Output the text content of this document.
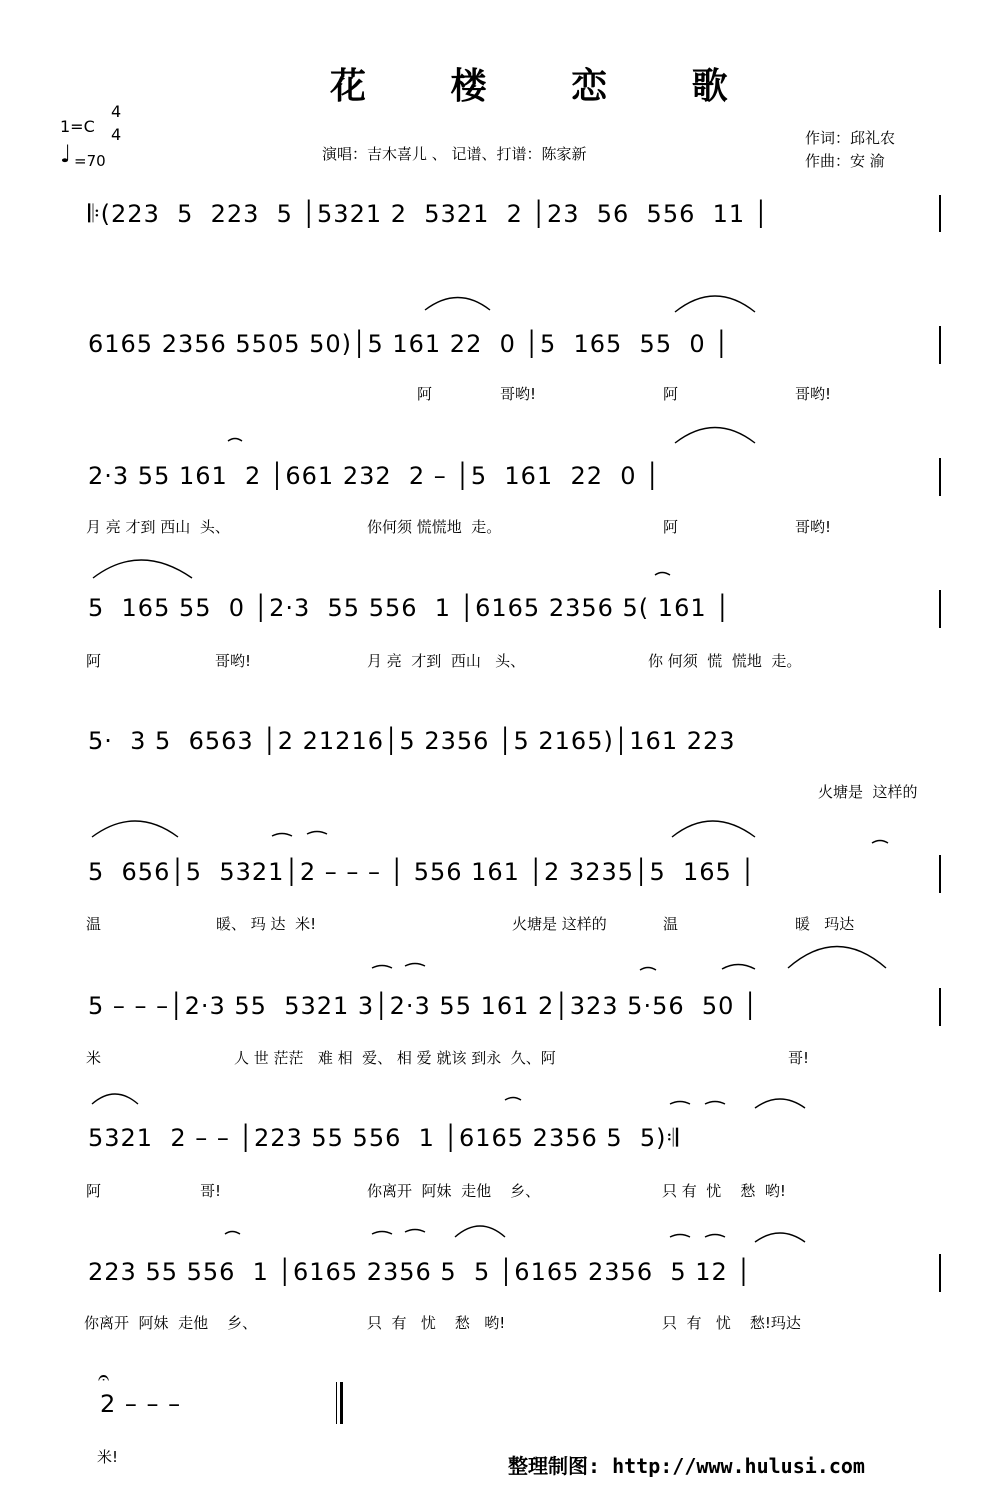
花 楼 恋 歌
1=C
4
4
♩ =70	演唱：吉木喜儿 、 记谱、打谱：陈家新
作词：邱礼农
作曲：安 渝
𝄆(223  5  223  5 │5321 2  5321  2 │23  56  556  11 │
6165 2356 5505 50)│5 161 22  0 │5  165  55  0 │
阿	哥哟!	阿	哥哟!
2·3 55 161  2 │661 232  2 – │5  161  22  0 │
月 亮 才到 西山  头、	你何须 慌慌地  走。	阿	哥哟!
5  165 55  0 │2·3  55 556  1 │6165 2356 5( 161 │
阿	哥哟!	月 亮  才到  西山   头、	你 何须  慌  慌地  走。
5·  3 5  6563 │2 21216│5 2356 │5 2165)│161 223
火塘是  这样的
5  656│5  5321│2 – – – │ 556 161 │2 3235│5  165 │
温	暖、 玛 达  米!	火塘是 这样的	温	暖   玛达
5 – – –│2·3 55  5321 3│2·3 55 161 2│323 5·56  50 │
米	人 世 茫茫   难 相  爱、 相 爱 就该 到永  久、阿	哥!
5321  2 – – │223 55 556  1 │6165 2356 5  5)𝄇
阿	哥!	你离开  阿妹  走他    乡、	只 有  忧    愁  哟!
223 55 556  1 │6165 2356 5  5 │6165 2356  5 12 │
你离开  阿妹  走他    乡、	只  有   忧    愁   哟!	只  有   忧    愁!玛达
2 – – –
𝄐
米!	整理制图: http://www.hulusi.com
